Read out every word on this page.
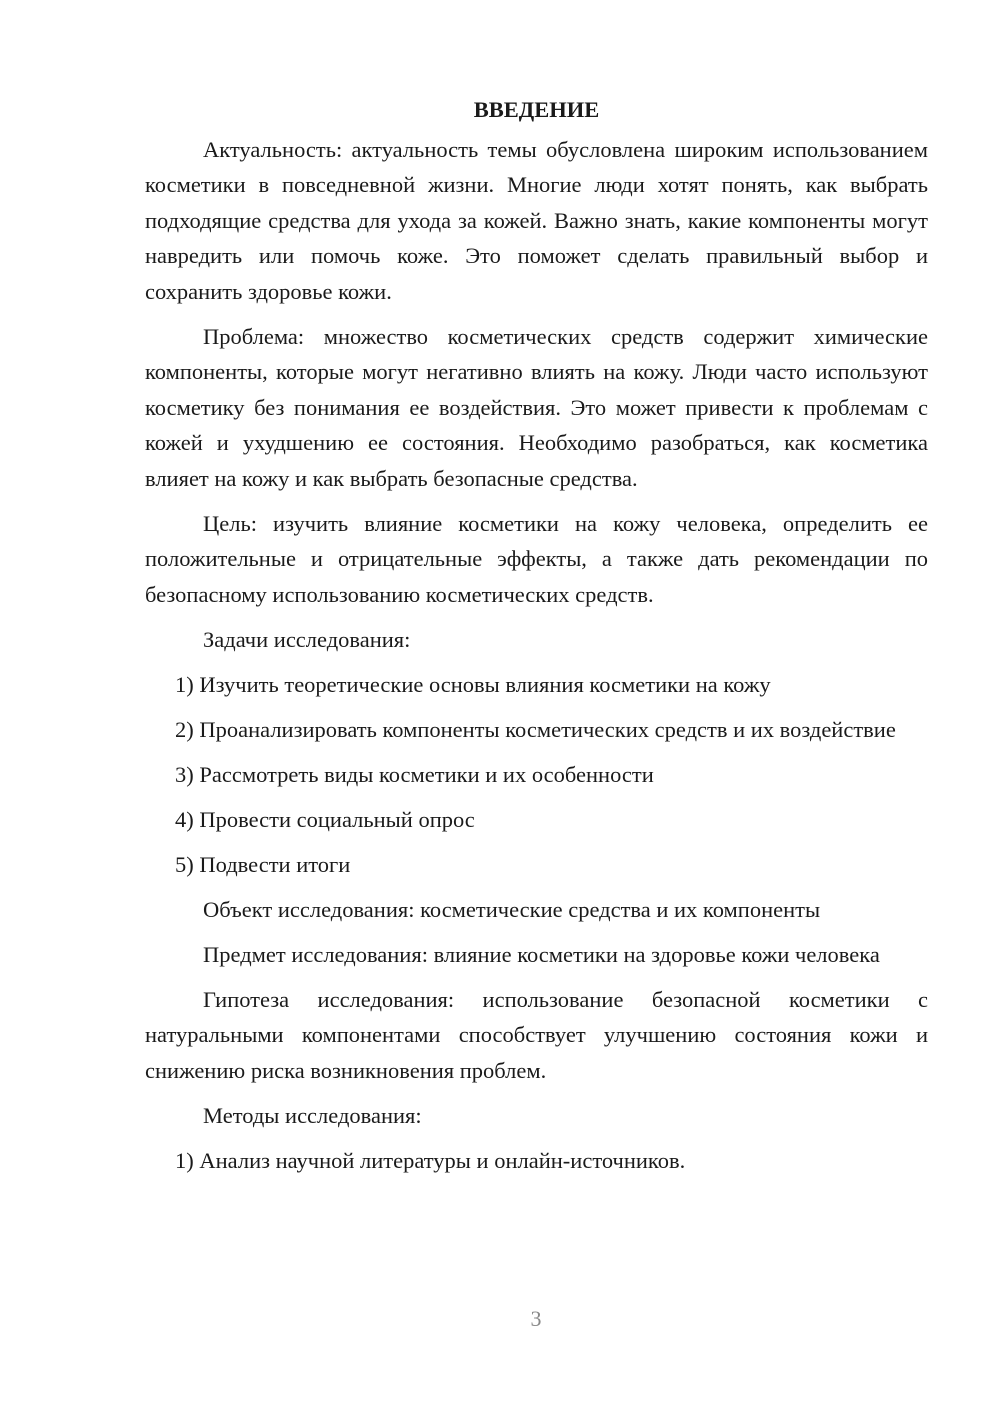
ВВЕДЕНИЕ

Актуальность: актуальность темы обусловлена широким использованием косметики в повседневной жизни. Многие люди хотят понять, как выбрать подходящие средства для ухода за кожей. Важно знать, какие компоненты могут навредить или помочь коже. Это поможет сделать правильный выбор и сохранить здоровье кожи.

Проблема: множество косметических средств содержит химические компоненты, которые могут негативно влиять на кожу. Люди часто используют косметику без понимания ее воздействия. Это может привести к проблемам с кожей и ухудшению ее состояния. Необходимо разобраться, как косметика влияет на кожу и как выбрать безопасные средства.

Цель: изучить влияние косметики на кожу человека, определить ее положительные и отрицательные эффекты, а также дать рекомендации по безопасному использованию косметических средств.

Задачи исследования:

1) Изучить теоретические основы влияния косметики на кожу

2) Проанализировать компоненты косметических средств и их воздействие

3) Рассмотреть виды косметики и их особенности

4) Провести социальный опрос

5) Подвести итоги

Объект исследования: косметические средства и их компоненты

Предмет исследования: влияние косметики на здоровье кожи человека

Гипотеза исследования: использование безопасной косметики с натуральными компонентами способствует улучшению состояния кожи и снижению риска возникновения проблем.

Методы исследования:

1) Анализ научной литературы и онлайн-источников.

3
